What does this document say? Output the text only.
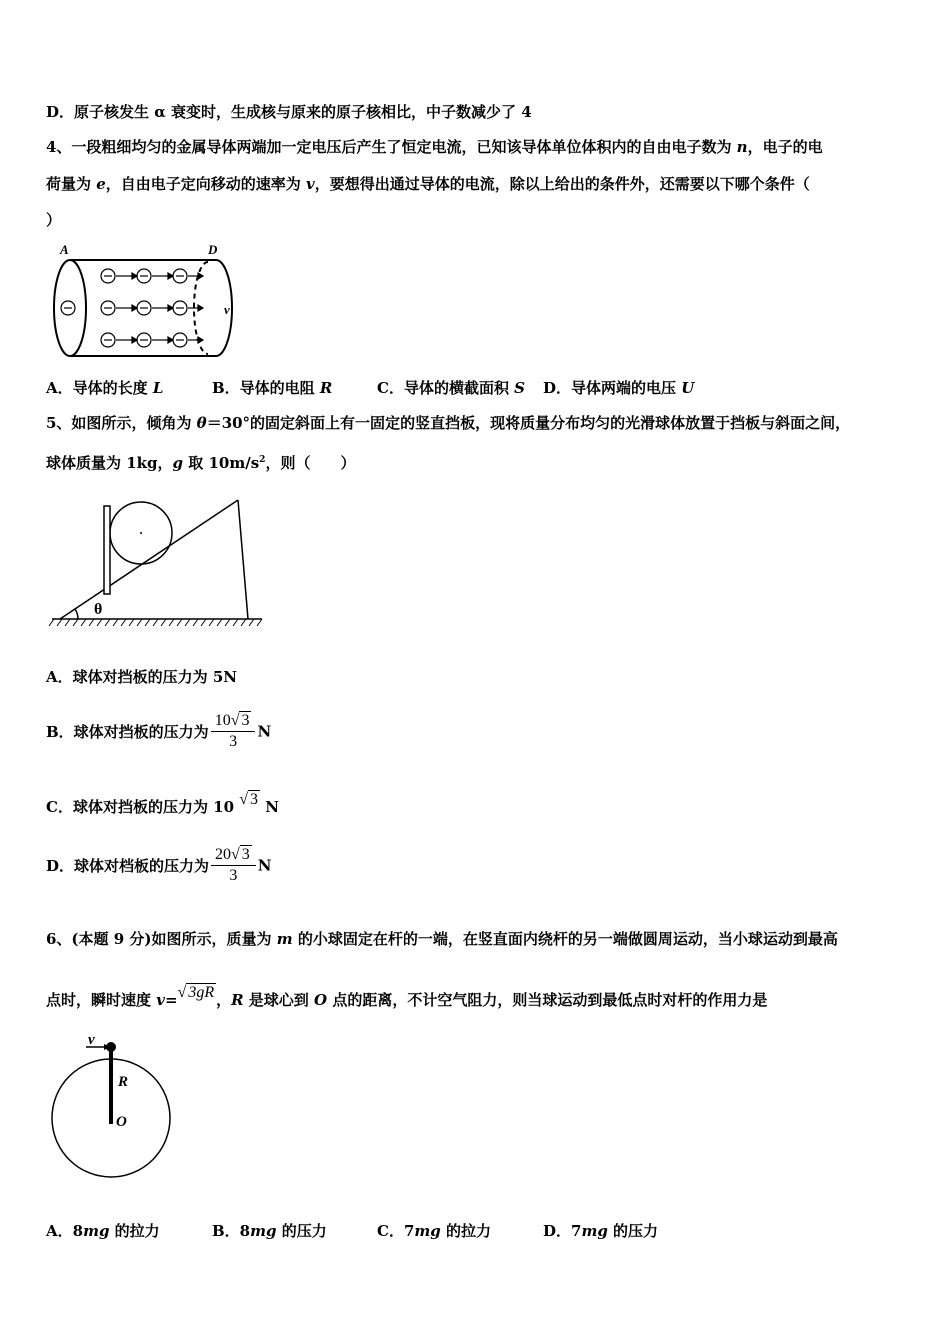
D．原子核发生 α 衰变时，生成核与原来的原子核相比，中子数减少了 4
4、一段粗细均匀的金属导体两端加一定电压后产生了恒定电流，已知该导体单位体积内的自由电子数为 n，电子的电
荷量为 e，自由电子定向移动的速率为 v，要想得出通过导体的电流，除以上给出的条件外，还需要以下哪个条件（
）
A	D
v
A．导体的长度 L	B．导体的电阻 R	C．导体的横截面积 S D．导体两端的电压 U
5、如图所示，倾角为 θ＝30°的固定斜面上有一固定的竖直挡板，现将质量分布均匀的光滑球体放置于挡板与斜面之间，
球体质量为 1kg，g 取 $10m/s^2$，则（　　）
θ
A．球体对挡板的压力为 5N
B．球体对挡板的压力为 $\frac{10√ 3}{3}$ N
C．球体对挡板的压力为 10 √ 3 N
D．球体对档板的压力为 $\frac{20√ 3}{3}$ N
6、(本题 9 分)如图所示，质量为 m 的小球固定在杆的一端，在竖直面内绕杆的另一端做圆周运动，当小球运动到最高
点时，瞬时速度 v=√ 3gR ，R 是球心到 O 点的距离，不计空气阻力，则当球运动到最低点时对杆的作用力是
v
R
O
A．8mg 的拉力	B．8mg 的压力	C．7mg 的拉力	D．7mg 的压力
